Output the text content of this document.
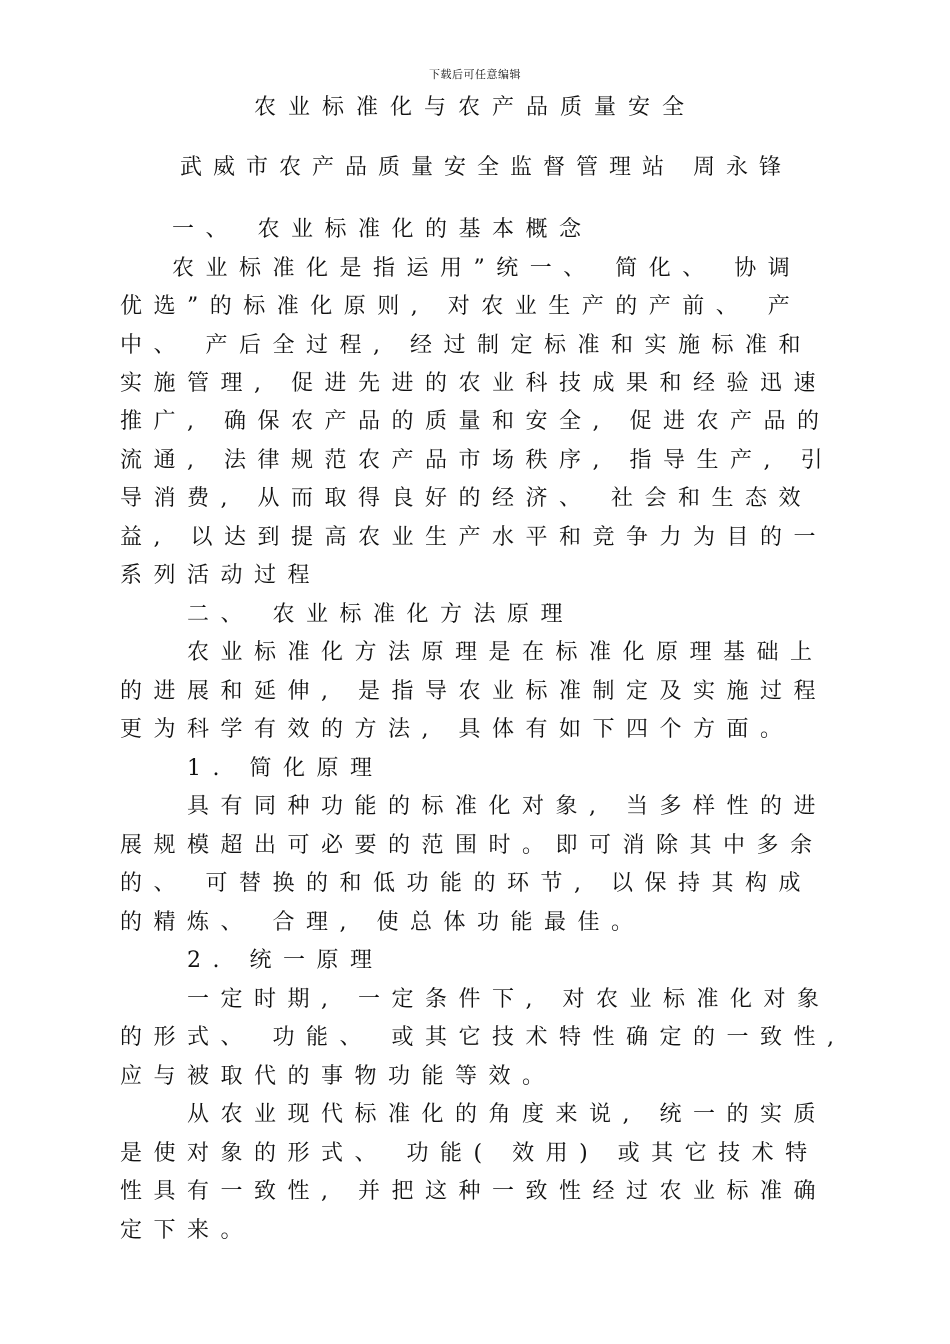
下载后可任意编辑
农业标准化与农产品质量安全
武威市农产品质量安全监督管理站 周永锋
一、 农业标准化的基本概念
农业标准化是指运用”统一、 简化、 协调
优选”的标准化原则, 对农业生产的产前、 产
中、 产后全过程, 经过制定标准和实施标准和
实施管理, 促进先进的农业科技成果和经验迅速
推广, 确保农产品的质量和安全, 促进农产品的
流通, 法律规范农产品市场秩序, 指导生产, 引
导消费, 从而取得良好的经济、 社会和生态效
益, 以达到提高农业生产水平和竞争力为目的一
系列活动过程
二、 农业标准化方法原理
农业标准化方法原理是在标准化原理基础上
的进展和延伸, 是指导农业标准制定及实施过程
更为科学有效的方法, 具体有如下四个方面。
1. 简化原理
具有同种功能的标准化对象, 当多样性的进
展规模超出可必要的范围时。即可消除其中多余
的、 可替换的和低功能的环节, 以保持其构成
的精炼、 合理, 使总体功能最佳。
2. 统一原理
一定时期, 一定条件下, 对农业标准化对象
的形式、 功能、 或其它技术特性确定的一致性,
应与被取代的事物功能等效。
从农业现代标准化的角度来说, 统一的实质
是使对象的形式、 功能( 效用) 或其它技术特
性具有一致性, 并把这种一致性经过农业标准确
定下来。
